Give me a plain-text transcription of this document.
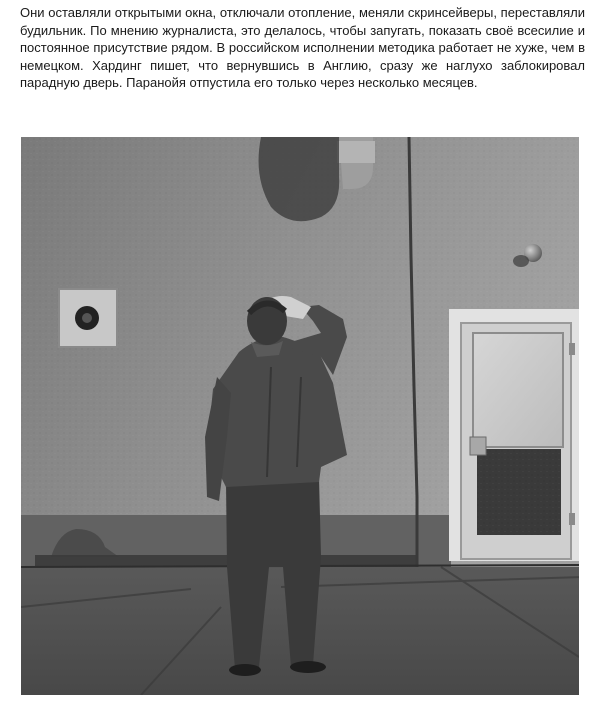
Они оставляли открытыми окна, отключали отопление, меняли скринсейверы, переставляли будильник. По мнению журналиста, это делалось, чтобы запугать, показать своё всесилие и постоянное присутствие рядом. В российском исполнении методика работает не хуже, чем в немецком. Хардинг пишет, что вернувшись в Англию, сразу же наглухо заблокировал парадную дверь. Паранойя отпустила его только через несколько месяцев.
